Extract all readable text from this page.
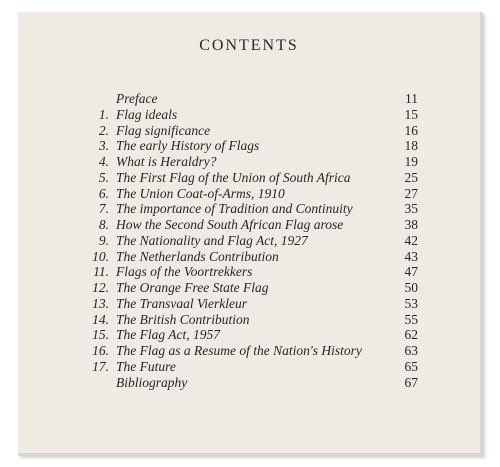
CONTENTS
Preface	11
1. Flag ideals	15
2. Flag significance	16
3. The early History of Flags	18
4. What is Heraldry?	19
5. The First Flag of the Union of South Africa	25
6. The Union Coat-of-Arms, 1910	27
7. The importance of Tradition and Continuity	35
8. How the Second South African Flag arose	38
9. The Nationality and Flag Act, 1927	42
10. The Netherlands Contribution	43
11. Flags of the Voortrekkers	47
12. The Orange Free State Flag	50
13. The Transvaal Vierkleur	53
14. The British Contribution	55
15. The Flag Act, 1957	62
16. The Flag as a Resume of the Nation's History	63
17. The Future	65
Bibliography	67
